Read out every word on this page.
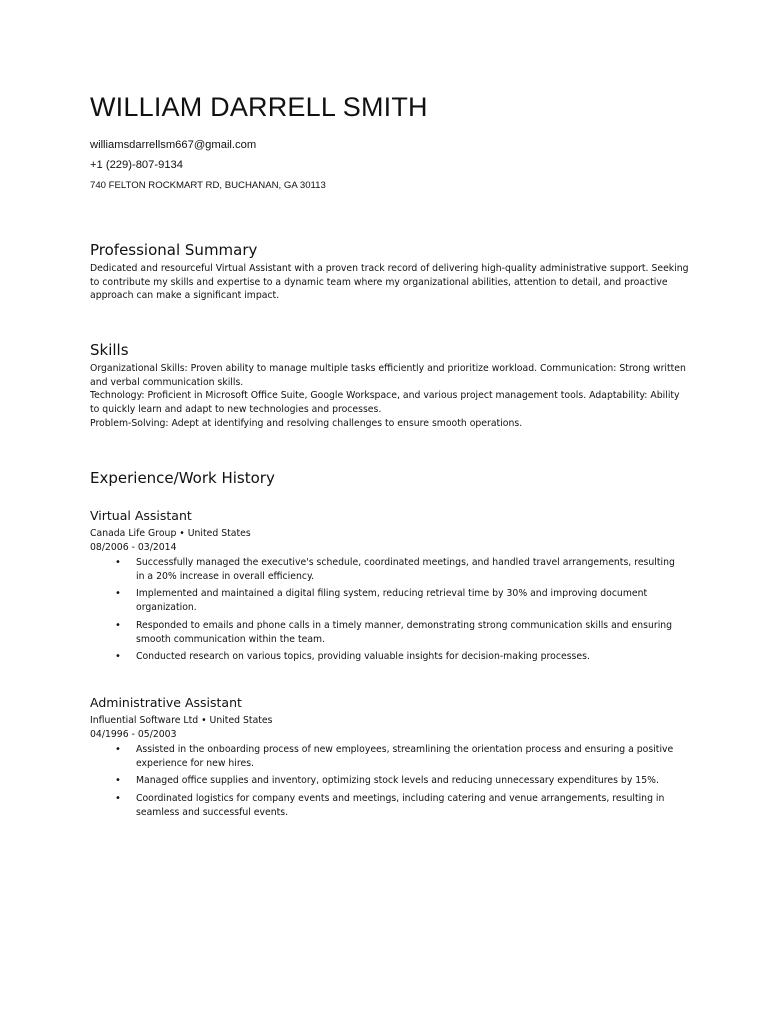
WILLIAM DARRELL SMITH
williamsdarrellsm667@gmail.com
+1 (229)-807-9134
740 FELTON ROCKMART RD, BUCHANAN, GA 30113
Professional Summary

Dedicated and resourceful Virtual Assistant with a proven track record of delivering high-quality administrative support. Seeking to contribute my skills and expertise to a dynamic team where my organizational abilities, attention to detail, and proactive approach can make a significant impact.

Skills

Organizational Skills: Proven ability to manage multiple tasks efficiently and prioritize workload. Communication: Strong written and verbal communication skills.

Technology: Proficient in Microsoft Office Suite, Google Workspace, and various project management tools. Adaptability: Ability to quickly learn and adapt to new technologies and processes.

Problem-Solving: Adept at identifying and resolving challenges to ensure smooth operations.

Experience/Work History
Virtual Assistant
Canada Life Group • United States
08/2006 - 03/2014
• Successfully managed the executive's schedule, coordinated meetings, and handled travel arrangements, resulting in a 20% increase in overall efficiency.
• Implemented and maintained a digital filing system, reducing retrieval time by 30% and improving document organization.
• Responded to emails and phone calls in a timely manner, demonstrating strong communication skills and ensuring smooth communication within the team.
• Conducted research on various topics, providing valuable insights for decision-making processes.
Administrative Assistant
Influential Software Ltd • United States
04/1996 - 05/2003
• Assisted in the onboarding process of new employees, streamlining the orientation process and ensuring a positive experience for new hires.
• Managed office supplies and inventory, optimizing stock levels and reducing unnecessary expenditures by 15%.
• Coordinated logistics for company events and meetings, including catering and venue arrangements, resulting in seamless and successful events.
